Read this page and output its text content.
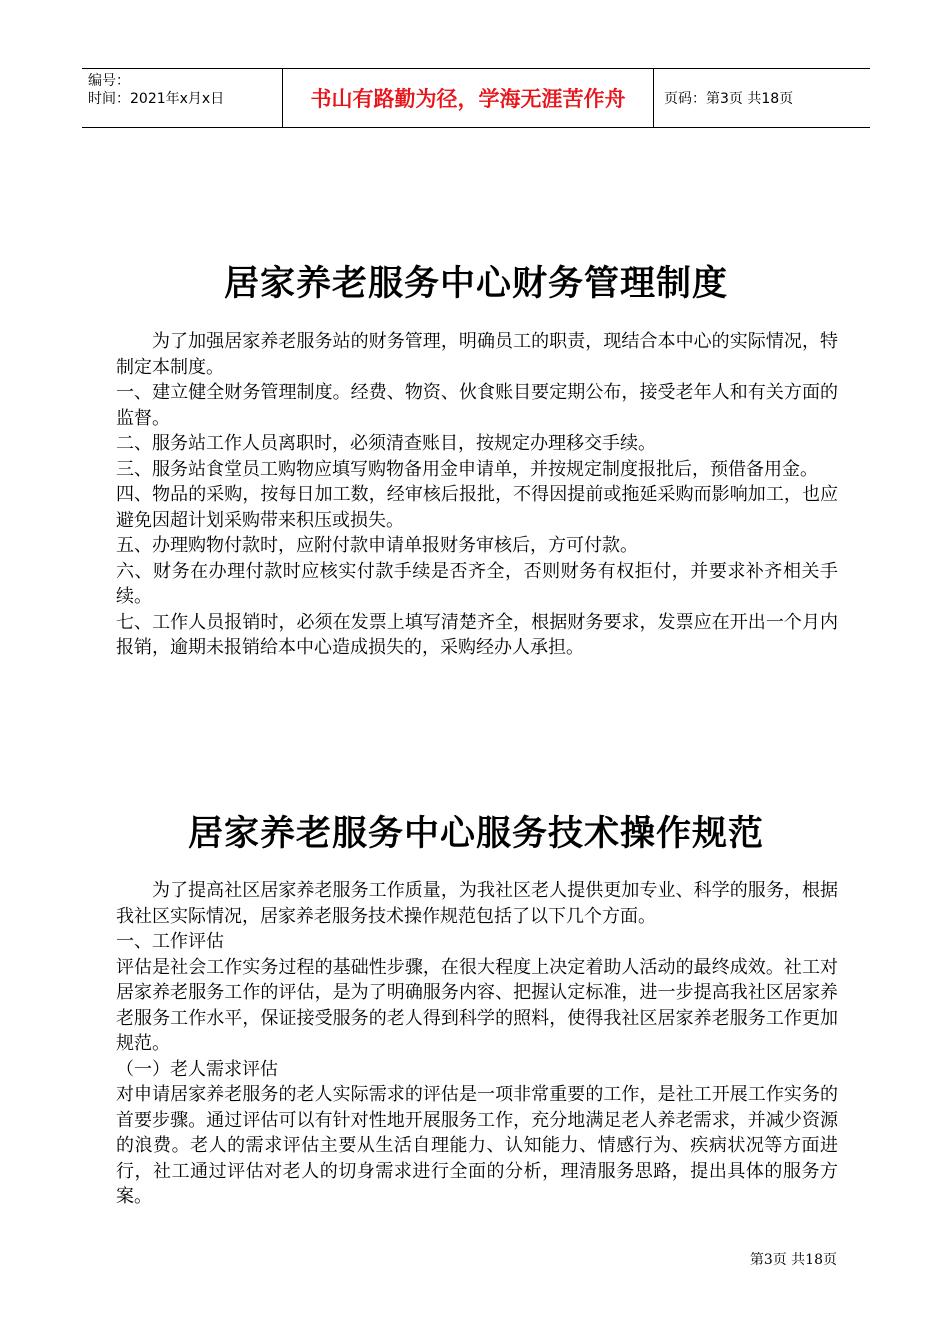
编号：
时间：2021年x月x日	书山有路勤为径，学海无涯苦作舟	页码：第3页 共18页
居家养老服务中心财务管理制度

为了加强居家养老服务站的财务管理，明确员工的职责，现结合本中心的实际情况，特制定本制度。

一、建立健全财务管理制度。经费、物资、伙食账目要定期公布，接受老年人和有关方面的监督。

二、服务站工作人员离职时，必须清查账目，按规定办理移交手续。

三、服务站食堂员工购物应填写购物备用金申请单，并按规定制度报批后，预借备用金。

四、物品的采购，按每日加工数，经审核后报批，不得因提前或拖延采购而影响加工，也应避免因超计划采购带来积压或损失。

五、办理购物付款时，应附付款申请单报财务审核后，方可付款。

六、财务在办理付款时应核实付款手续是否齐全，否则财务有权拒付，并要求补齐相关手续。

七、工作人员报销时，必须在发票上填写清楚齐全，根据财务要求，发票应在开出一个月内报销，逾期未报销给本中心造成损失的，采购经办人承担。

居家养老服务中心服务技术操作规范

为了提高社区居家养老服务工作质量，为我社区老人提供更加专业、科学的服务，根据我社区实际情况，居家养老服务技术操作规范包括了以下几个方面。

一、工作评估

评估是社会工作实务过程的基础性步骤，在很大程度上决定着助人活动的最终成效。社工对居家养老服务工作的评估，是为了明确服务内容、把握认定标准，进一步提高我社区居家养老服务工作水平，保证接受服务的老人得到科学的照料，使得我社区居家养老服务工作更加规范。

（一）老人需求评估

对申请居家养老服务的老人实际需求的评估是一项非常重要的工作，是社工开展工作实务的首要步骤。通过评估可以有针对性地开展服务工作，充分地满足老人养老需求，并减少资源的浪费。老人的需求评估主要从生活自理能力、认知能力、情感行为、疾病状况等方面进行，社工通过评估对老人的切身需求进行全面的分析，理清服务思路，提出具体的服务方案。

第3页 共18页
